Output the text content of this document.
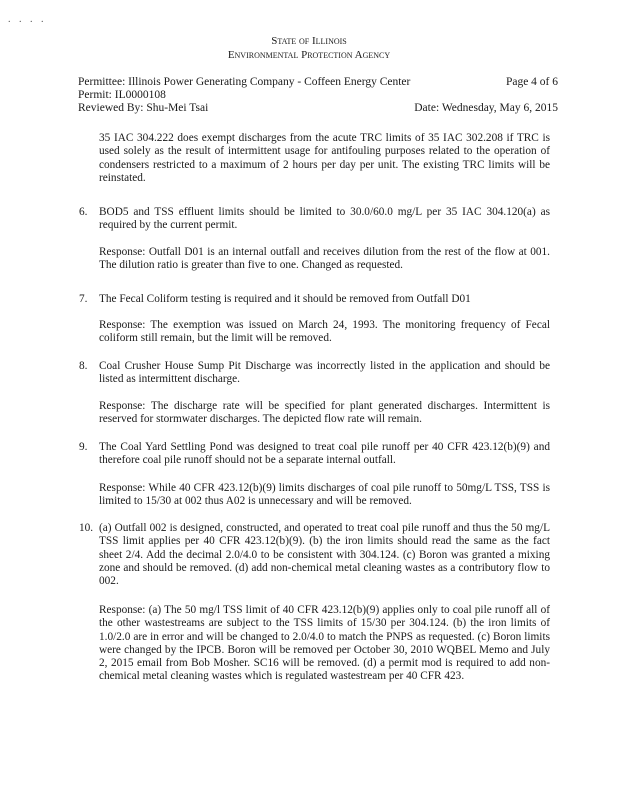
. . . .
State of Illinois
Environmental Protection Agency
Permittee: Illinois Power Generating Company - Coffeen Energy Center	Page 4 of 6
Permit: IL0000108
Reviewed By: Shu-Mei Tsai	Date: Wednesday, May 6, 2015
35 IAC 304.222 does exempt discharges from the acute TRC limits of 35 IAC 302.208 if TRC is used solely as the result of intermittent usage for antifouling purposes related to the operation of condensers restricted to a maximum of 2 hours per day per unit. The existing TRC limits will be reinstated.
6. BOD5 and TSS effluent limits should be limited to 30.0/60.0 mg/L per 35 IAC 304.120(a) as required by the current permit.
Response: Outfall D01 is an internal outfall and receives dilution from the rest of the flow at 001. The dilution ratio is greater than five to one. Changed as requested.
7. The Fecal Coliform testing is required and it should be removed from Outfall D01
Response: The exemption was issued on March 24, 1993. The monitoring frequency of Fecal coliform still remain, but the limit will be removed.
8. Coal Crusher House Sump Pit Discharge was incorrectly listed in the application and should be listed as intermittent discharge.
Response: The discharge rate will be specified for plant generated discharges. Intermittent is reserved for stormwater discharges. The depicted flow rate will remain.
9. The Coal Yard Settling Pond was designed to treat coal pile runoff per 40 CFR 423.12(b)(9) and therefore coal pile runoff should not be a separate internal outfall.
Response: While 40 CFR 423.12(b)(9) limits discharges of coal pile runoff to 50mg/L TSS, TSS is limited to 15/30 at 002 thus A02 is unnecessary and will be removed.
10. (a) Outfall 002 is designed, constructed, and operated to treat coal pile runoff and thus the 50 mg/L TSS limit applies per 40 CFR 423.12(b)(9). (b) the iron limits should read the same as the fact sheet 2/4. Add the decimal 2.0/4.0 to be consistent with 304.124. (c) Boron was granted a mixing zone and should be removed. (d) add non-chemical metal cleaning wastes as a contributory flow to 002.
Response: (a) The 50 mg/l TSS limit of 40 CFR 423.12(b)(9) applies only to coal pile runoff all of the other wastestreams are subject to the TSS limits of 15/30 per 304.124. (b) the iron limits of 1.0/2.0 are in error and will be changed to 2.0/4.0 to match the PNPS as requested. (c) Boron limits were changed by the IPCB. Boron will be removed per October 30, 2010 WQBEL Memo and July 2, 2015 email from Bob Mosher. SC16 will be removed. (d) a permit mod is required to add non-chemical metal cleaning wastes which is regulated wastestream per 40 CFR 423.
